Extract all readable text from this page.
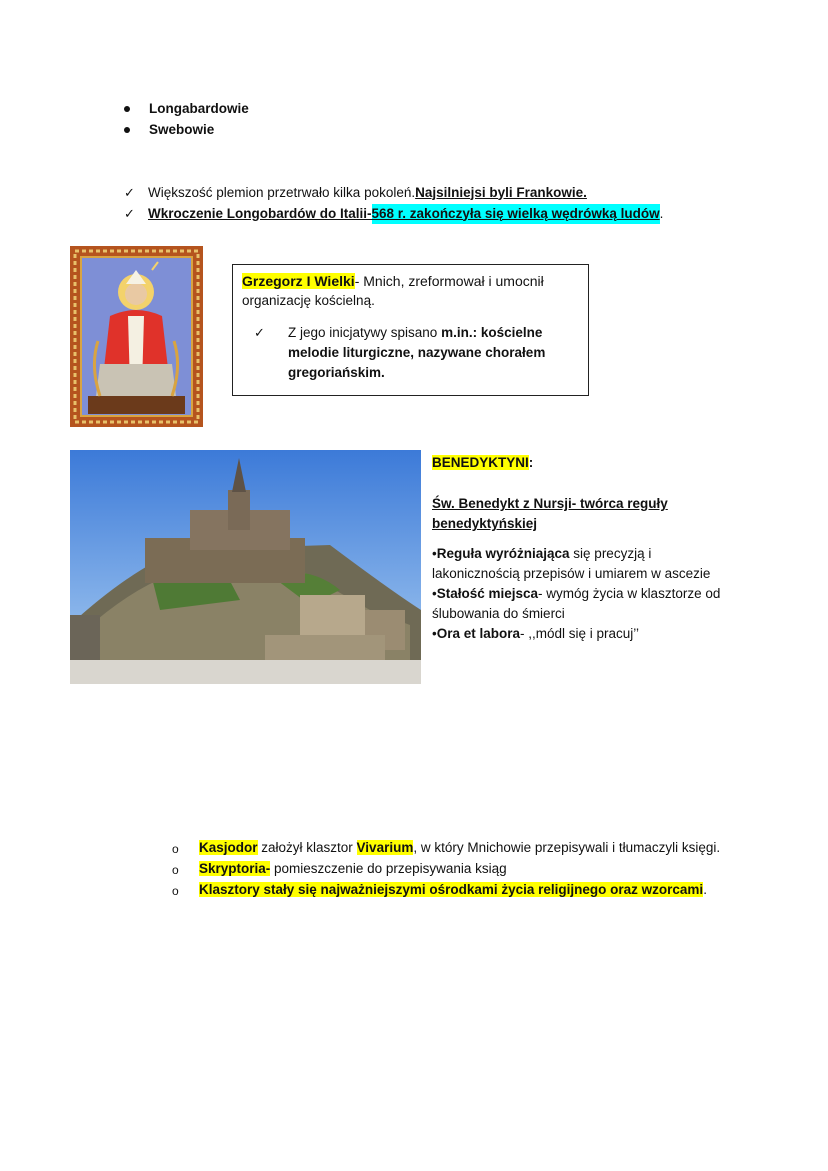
Longabardowie
Swebowie
✓ Większość plemion przetrwało kilka pokoleń. Najsilniejsi byli Frankowie.
✓ Wkroczenie Longobardów do Italii- 568 r. zakończyła się wielką wędrówką ludów .
Grzegorz I Wielki- Mnich, zreformował i umocnił
organizację kościelną.
✓	Z jego inicjatywy spisano m.in.: kościelne
melodie liturgiczne, nazywane chorałem
gregoriańskim.
BENEDYKTYNI:
Św. Benedykt z Nursji- twórca reguły
benedyktyńskiej
•Reguła wyróżniająca się precyzją i
lakonicznością przepisów i umiarem w ascezie
•Stałość miejsca- wymóg życia w klasztorze od
ślubowania do śmierci
•Ora et labora- ,,módl się i pracuj’’
o	Kasjodor założył klasztor Vivarium, w który Mnichowie przepisywali i tłumaczyli księgi.
o	Skryptoria- pomieszczenie do przepisywania ksiąg
o	Klasztory stały się najważniejszymi ośrodkami życia religijnego oraz wzorcami.
